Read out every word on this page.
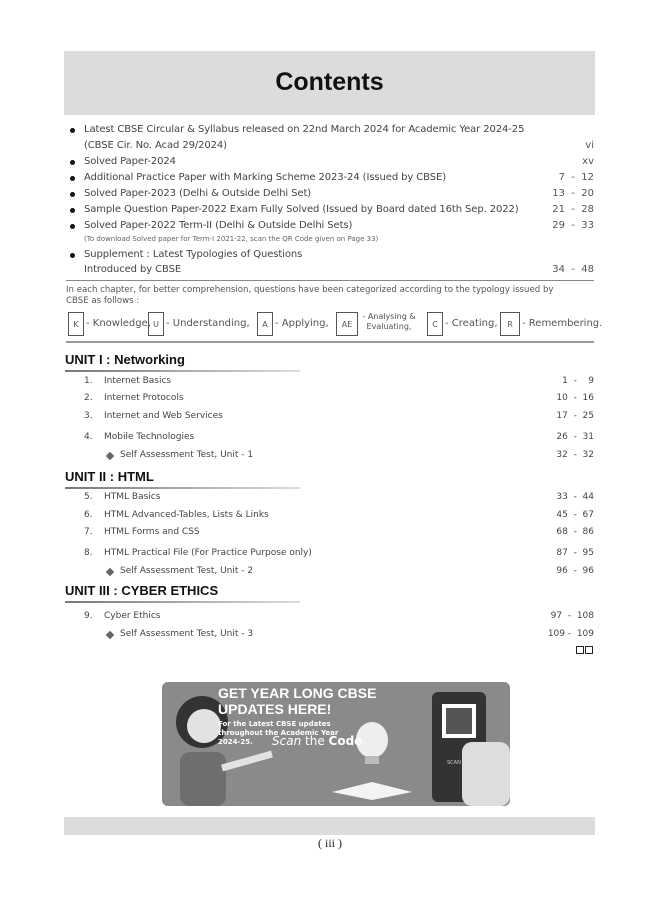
Contents
Latest CBSE Circular & Syllabus released on 22nd March 2024 for Academic Year 2024-25
(CBSE Cir. No. Acad 29/2024)	vi
Solved Paper-2024	xv
Additional Practice Paper with Marking Scheme 2023-24 (Issued by CBSE)	7  -  12
Solved Paper-2023 (Delhi & Outside Delhi Set)	13  -  20
Sample Question Paper-2022 Exam Fully Solved (Issued by Board dated 16th Sep. 2022)	21  -  28
Solved Paper-2022 Term-II (Delhi & Outside Delhi Sets)	29  -  33
(To download Solved paper for Term-I 2021-22, scan the QR Code given on Page 33)
Supplement : Latest Typologies of Questions
Introduced by CBSE	34  -  48
In each chapter, for better comprehension, questions have been categorized according to the typology issued by
CBSE as follows :
K - Knowledge, U - Understanding,	A - Applying,	AE
- Analysing & Evaluating,	C - Creating,	R - Remembering.
UNIT I : Networking
1. Internet Basics	1  -    9
2. Internet Protocols	10  -  16
3. Internet and Web Services	17  -  25
4. Mobile Technologies	26  -  31
Self Assessment Test, Unit - 1	32  -  32
UNIT II : HTML
5. HTML Basics	33  -  44
6. HTML Advanced-Tables, Lists & Links	45  -  67
7. HTML Forms and CSS	68  -  86
8. HTML Practical File (For Practice Purpose only)	87  -  95
Self Assessment Test, Unit - 2	96  -  96
UNIT III : CYBER ETHICS
9. Cyber Ethics	97  -  108
Self Assessment Test, Unit - 3	109 -  109
GET YEAR LONG CBSE
UPDATES HERE!
For the Latest CBSE updates
throughout the Academic Year
2024-25.	Scan the Code
SCAN
( iii )
